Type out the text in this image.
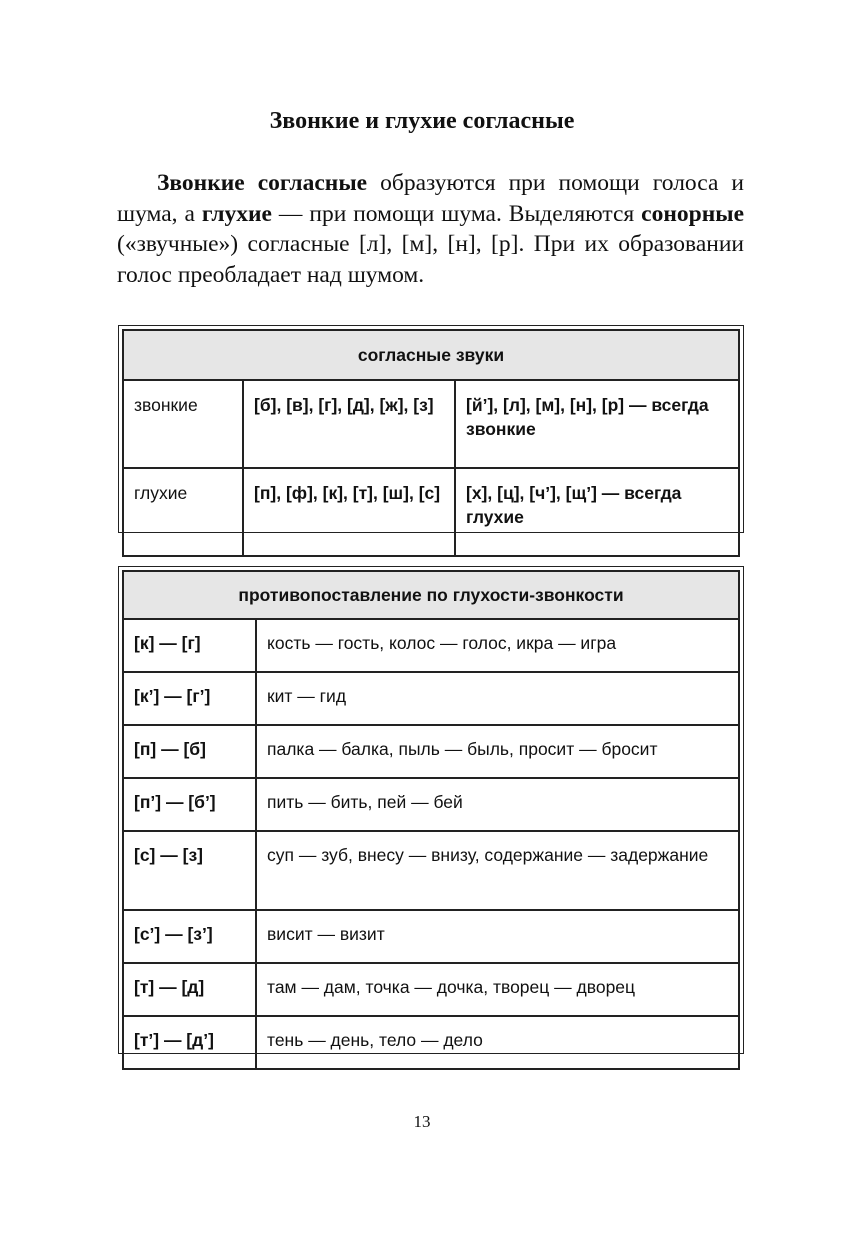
Звонкие и глухие согласные

Звонкие согласные образуются при помощи голоса и шума, а глухие — при помощи шума. Выделяются сонорные («звучные») согласные [л], [м], [н], [р]. При их образовании голос преобладает над шумом.

согласные звуки		
звонкие	[б], [в], [г], [д], [ж], [з]	[й’], [л], [м], [н], [р] — всегда звонкие
глухие	[п], [ф], [к], [т], [ш], [с]	[х], [ц], [ч’], [щ’] — всегда глухие
противопоставление по глухости-звонкости	
[к] — [г]	кость — гость, колос — голос, икра — игра
[к’] — [г’]	кит — гид
[п] — [б]	палка — балка, пыль — быль, просит — бросит
[п’] — [б’]	пить — бить, пей — бей
[с] — [з]	суп — зуб, внесу — внизу, содержание — задержание
[с’] — [з’]	висит — визит
[т] — [д]	там — дам, точка — дочка, творец — дворец
[т’] — [д’]	тень — день, тело — дело
13
